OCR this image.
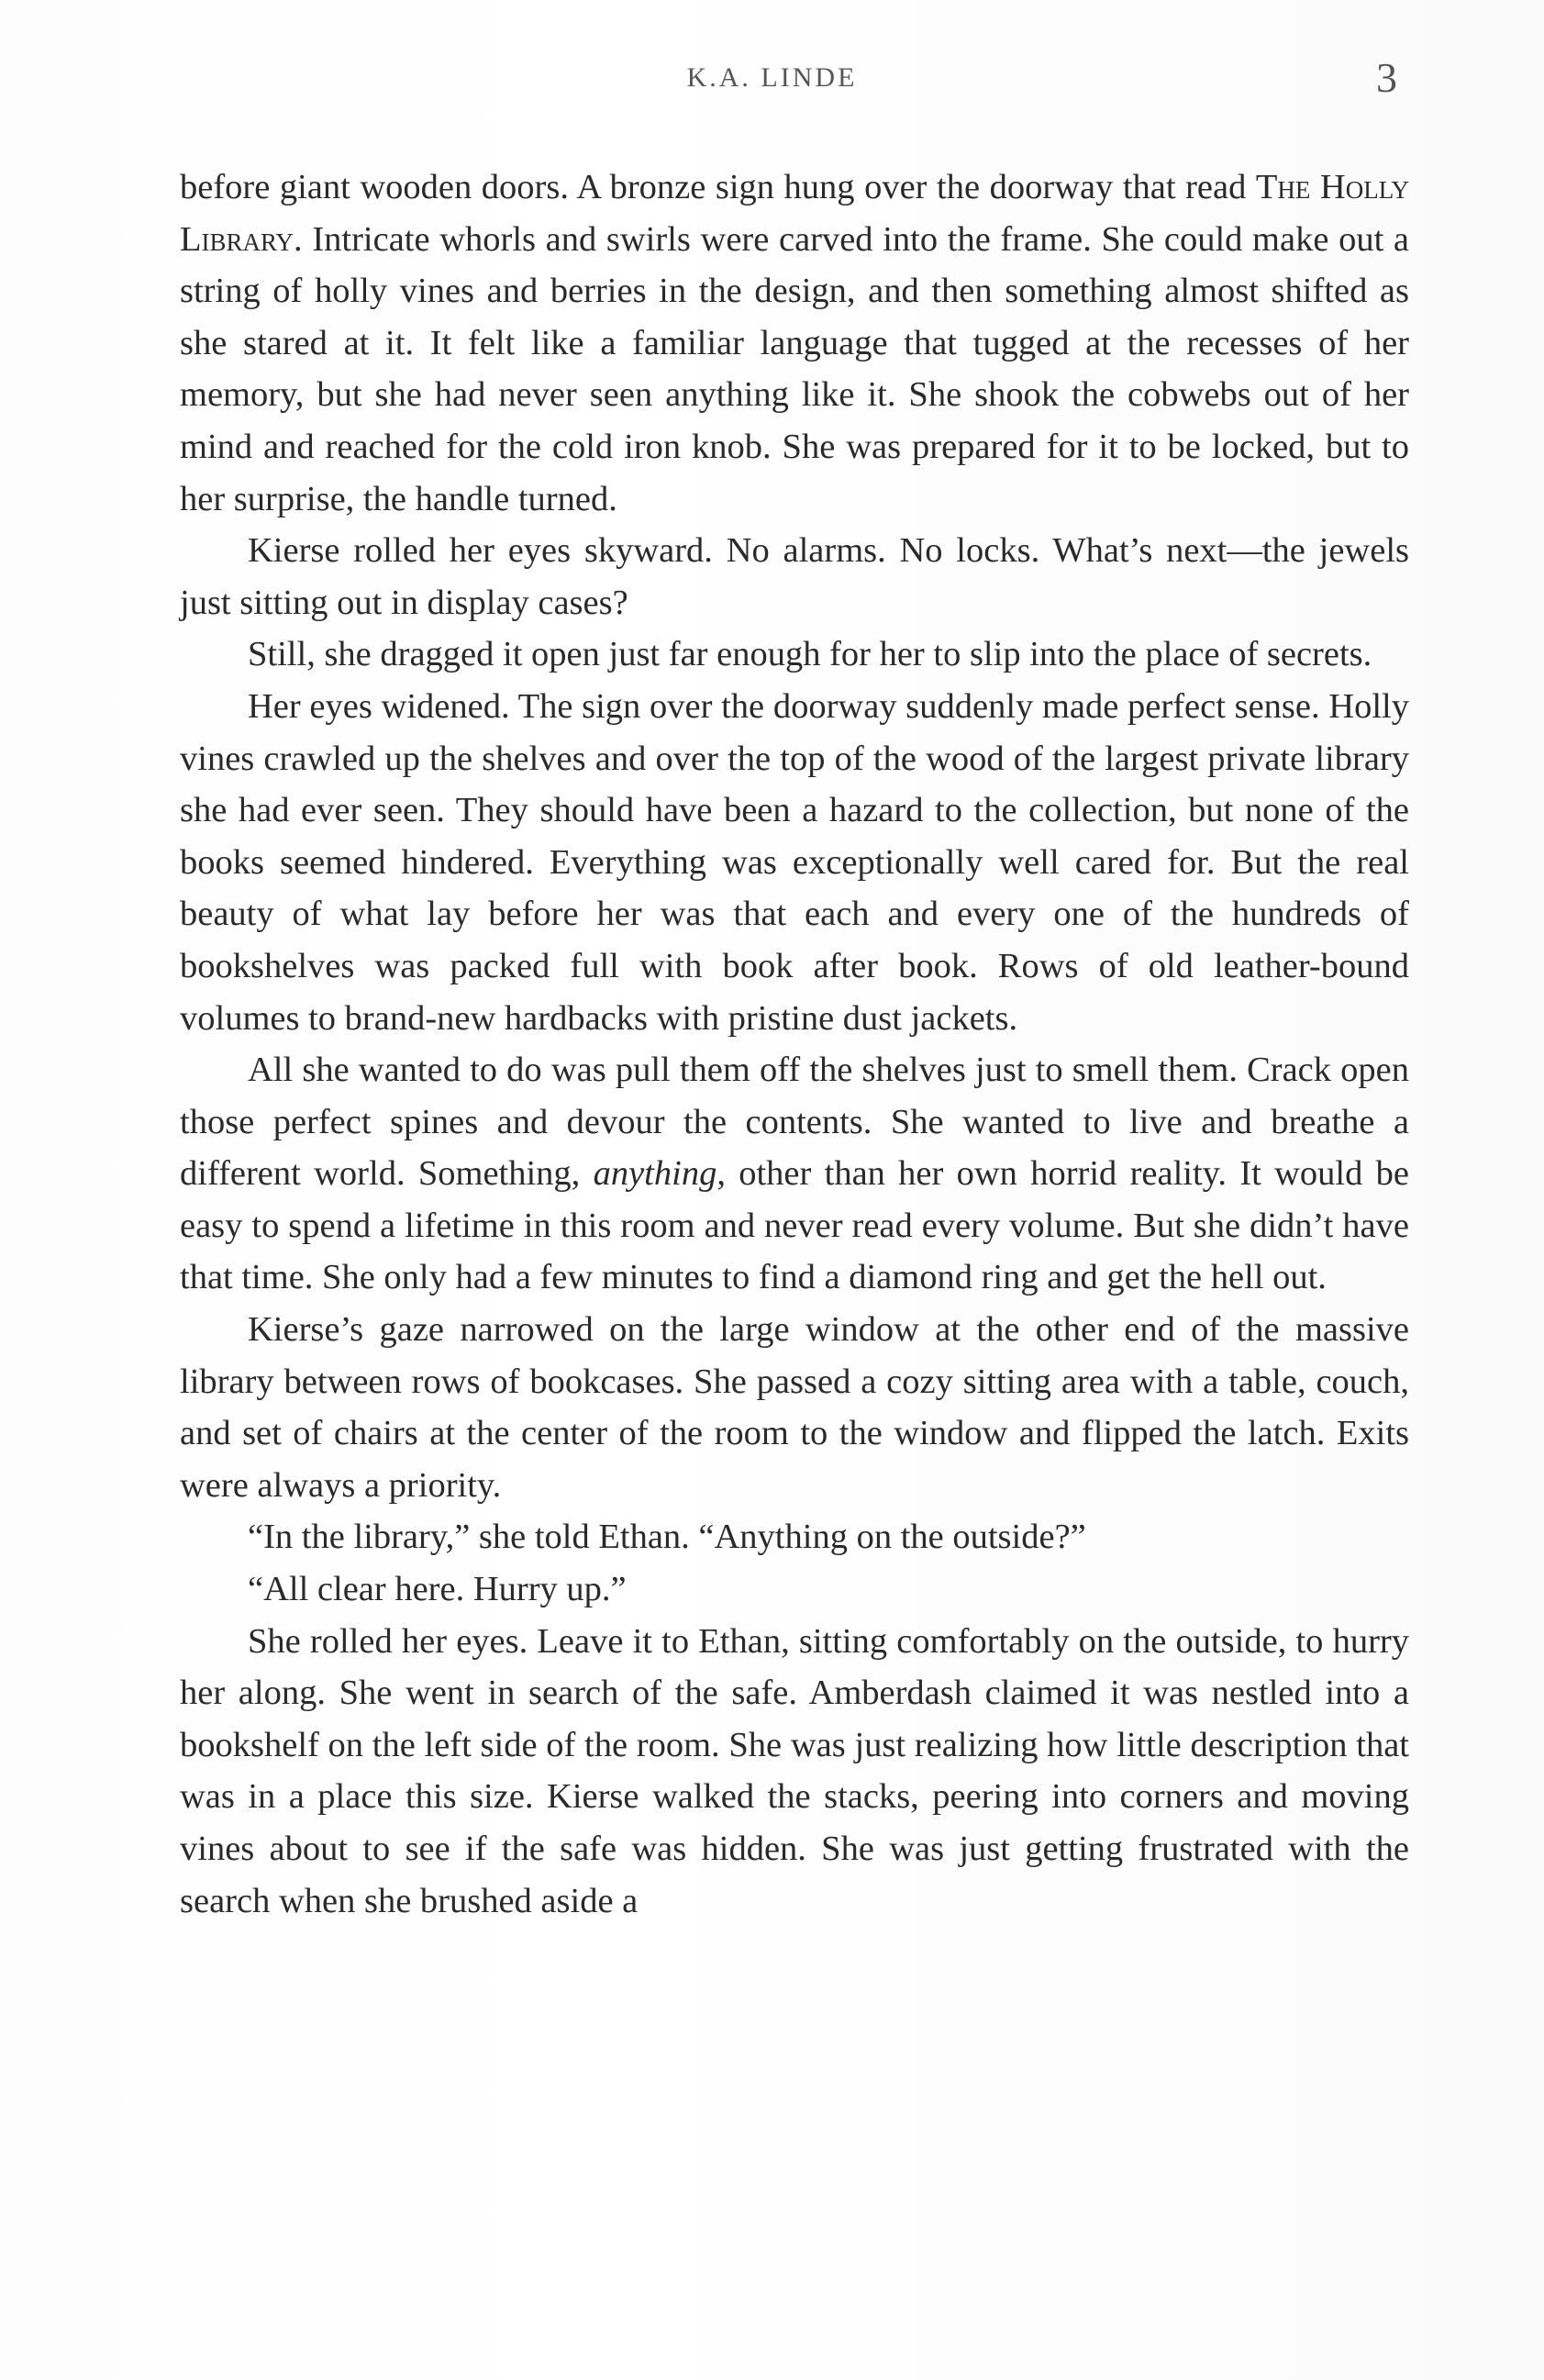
K.A. LINDE	3

before giant wooden doors. A bronze sign hung over the doorway that read The Holly Library. Intricate whorls and swirls were carved into the frame. She could make out a string of holly vines and berries in the design, and then something almost shifted as she stared at it. It felt like a familiar language that tugged at the recesses of her memory, but she had never seen anything like it. She shook the cobwebs out of her mind and reached for the cold iron knob. She was prepared for it to be locked, but to her surprise, the handle turned.

Kierse rolled her eyes skyward. No alarms. No locks. What’s next—the jewels just sitting out in display cases?

Still, she dragged it open just far enough for her to slip into the place of secrets.

Her eyes widened. The sign over the doorway suddenly made perfect sense. Holly vines crawled up the shelves and over the top of the wood of the largest private library she had ever seen. They should have been a hazard to the collection, but none of the books seemed hindered. Everything was exceptionally well cared for. But the real beauty of what lay before her was that each and every one of the hundreds of bookshelves was packed full with book after book. Rows of old leather-bound volumes to brand-new hardbacks with pristine dust jackets.

All she wanted to do was pull them off the shelves just to smell them. Crack open those perfect spines and devour the contents. She wanted to live and breathe a different world. Something, anything, other than her own horrid reality. It would be easy to spend a lifetime in this room and never read every volume. But she didn’t have that time. She only had a few minutes to find a diamond ring and get the hell out.

Kierse’s gaze narrowed on the large window at the other end of the massive library between rows of bookcases. She passed a cozy sitting area with a table, couch, and set of chairs at the center of the room to the window and flipped the latch. Exits were always a priority.

“In the library,” she told Ethan. “Anything on the outside?”

“All clear here. Hurry up.”

She rolled her eyes. Leave it to Ethan, sitting comfortably on the outside, to hurry her along. She went in search of the safe. Amberdash claimed it was nestled into a bookshelf on the left side of the room. She was just realizing how little description that was in a place this size. Kierse walked the stacks, peering into corners and moving vines about to see if the safe was hidden. She was just getting frustrated with the search when she brushed aside a
